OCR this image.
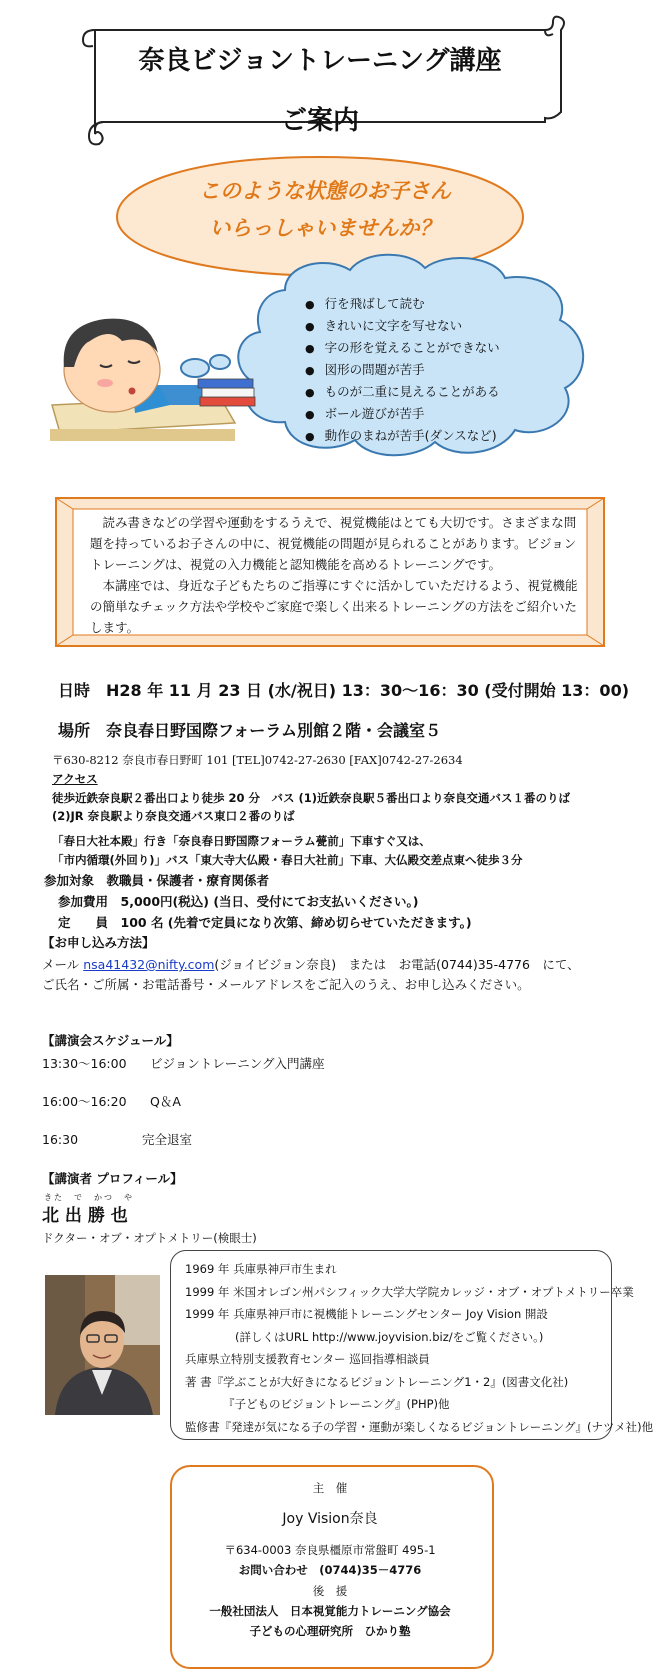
奈良ビジョントレーニング講座
ご案内
このような状態のお子さん
いらっしゃいませんか？
● 行を飛ばして読む
● きれいに文字を写せない
● 字の形を覚えることができない
● 図形の問題が苦手
● ものが二重に見えることがある
● ボール遊びが苦手
● 動作のまねが苦手(ダンスなど)

読み書きなどの学習や運動をするうえで、視覚機能はとても大切です。さまざまな問題を持っているお子さんの中に、視覚機能の問題が見られることがあります。ビジョントレーニングは、視覚の入力機能と認知機能を高めるトレーニングです。

本講座では、身近な子どもたちのご指導にすぐに活かしていただけるよう、視覚機能の簡単なチェック方法や学校やご家庭で楽しく出来るトレーニングの方法をご紹介いたします。

日時　H28 年 11 月 23 日 (水/祝日) 13：30～16：30 (受付開始 13：00)
場所　奈良春日野国際フォーラム別館２階・会議室５
〒630-8212 奈良市春日野町 101 [TEL]0742-27-2630 [FAX]0742-27-2634
アクセス
徒歩近鉄奈良駅２番出口より徒歩 20 分　バス (1)近鉄奈良駅５番出口より奈良交通バス１番のりば
(2)JR 奈良駅より奈良交通バス東口２番のりば
「春日大社本殿」行き「奈良春日野国際フォーラム甍前」下車すぐ又は、
「市内循環(外回り)」バス「東大寺大仏殿・春日大社前」下車、大仏殿交差点東へ徒歩３分
参加対象　教職員・保護者・療育関係者
参加費用　5,000円(税込) (当日、受付にてお支払いください。)
定　　員　100 名 (先着で定員になり次第、締め切らせていただきます。)
【お申し込み方法】
メール nsa41432@nifty.com(ジョイビジョン奈良)　または　お電話(0744)35-4776　にて、
ご氏名・ご所属・お電話番号・メールアドレスをご記入のうえ、お申し込みください。
【講演会スケジュール】
13:30～16:00 ビジョントレーニング入門講座
16:00～16:20 Q＆A
16:30	完全退室
【講演者 プロフィール】
きた　で　かつ　や
北 出 勝 也
ドクター・オブ・オプトメトリー(検眼士)
1969 年 兵庫県神戸市生まれ
1999 年 米国オレゴン州パシフィック大学大学院カレッジ・オブ・オプトメトリー卒業
1999 年 兵庫県神戸市に視機能トレーニングセンター Joy Vision 開設
(詳しくはURL http://www.joyvision.biz/をご覧ください。)
兵庫県立特別支援教育センター 巡回指導相談員
著 書『学ぶことが大好きになるビジョントレーニング1・2』(図書文化社)
『子どものビジョントレーニング』(PHP)他
監修書『発達が気になる子の学習・運動が楽しくなるビジョントレーニング』(ナツメ社)他
主　催
Joy Vision奈良
〒634-0003 奈良県橿原市常盤町 495-1
お問い合わせ　(0744)35－4776
後　援
一般社団法人　日本視覚能力トレーニング協会
子どもの心理研究所　ひかり塾
